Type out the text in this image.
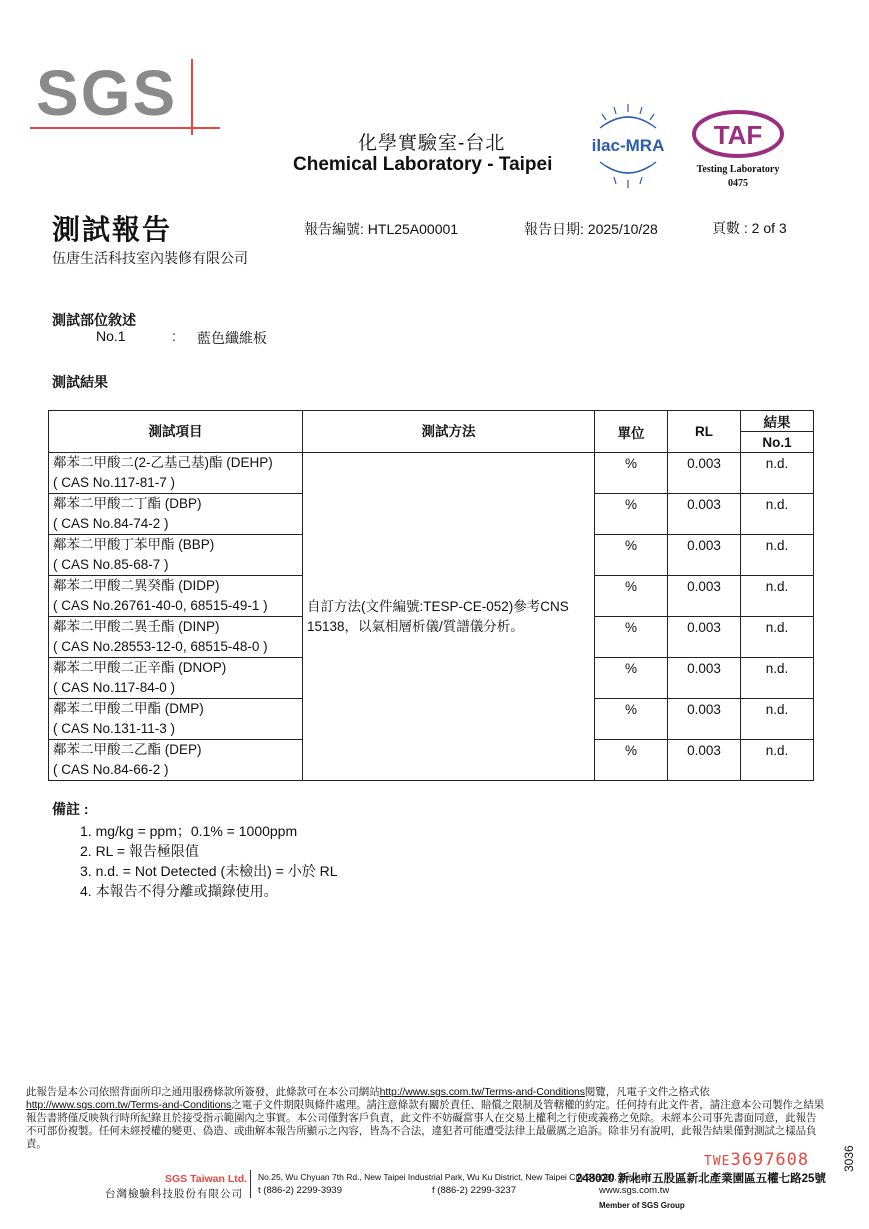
SGS
化學實驗室-台北
Chemical Laboratory - Taipei
ilac-MRA TAF
Testing Laboratory
0475
測試報告	報告編號: HTL25A00001	報告日期: 2025/10/28	頁數 : 2 of 3
伍唐生活科技室內裝修有限公司
測試部位敘述
No.1	: 藍色纖維板
測試結果
測試項目	測試方法	單位	RL	結果
				No.1

鄰苯二甲酸二(2-乙基己基)酯 (DEHP)
( CAS No.117-81-7 )	自訂方法(文件編號:TESP-CE-052)參考CNS 15138，以氣相層析儀/質譜儀分析。	%	0.003	n.d.

鄰苯二甲酸二丁酯 (DBP)
( CAS No.84-74-2 )		%	0.003	n.d.

鄰苯二甲酸丁苯甲酯 (BBP)
( CAS No.85-68-7 )		%	0.003	n.d.

鄰苯二甲酸二異癸酯 (DIDP)
( CAS No.26761-40-0, 68515-49-1 )		%	0.003	n.d.

鄰苯二甲酸二異壬酯 (DINP)
( CAS No.28553-12-0, 68515-48-0 )		%	0.003	n.d.

鄰苯二甲酸二正辛酯 (DNOP)
( CAS No.117-84-0 )		%	0.003	n.d.

鄰苯二甲酸二甲酯 (DMP)
( CAS No.131-11-3 )		%	0.003	n.d.

鄰苯二甲酸二乙酯 (DEP)
( CAS No.84-66-2 )		%	0.003	n.d.
備註 :
1. mg/kg = ppm；0.1% = 1000ppm
2. RL = 報告極限值
3. n.d. = Not Detected (未檢出) = 小於 RL
4. 本報告不得分離或擷錄使用。
此報告是本公司依照背面所印之通用服務條款所簽發，此條款可在本公司網站http://www.sgs.com.tw/Terms-and-Conditions閱覽，凡電子文件之格式依http://www.sgs.com.tw/Terms-and-Conditions之電子文件期限與條件處理。請注意條款有關於責任、賠償之限制及管轄權的約定。任何持有此文件者，請注意本公司製作之結果報告書將僅反映執行時所紀錄且於接受指示範圍內之事實。本公司僅對客戶負責，此文件不妨礙當事人在交易上權利之行使或義務之免除。未經本公司事先書面同意，此報告不可部份複製。任何未經授權的變更、偽造、或曲解本報告所顯示之內容，皆為不合法，違犯者可能遭受法律上最嚴厲之追訴。除非另有說明，此報告結果僅對測試之樣品負責。
TWE3697608	3036
SGS Taiwan Ltd.
台灣檢驗科技股份有限公司
No.25, Wu Chyuan 7th Rd., New Taipei Industrial Park, Wu Ku District, New Taipei City 248020, Taiwan /
248020 新北市五股區新北產業園區五權七路25號
t (886-2) 2299-3939	f (886-2) 2299-3237	www.sgs.com.tw
Member of SGS Group
